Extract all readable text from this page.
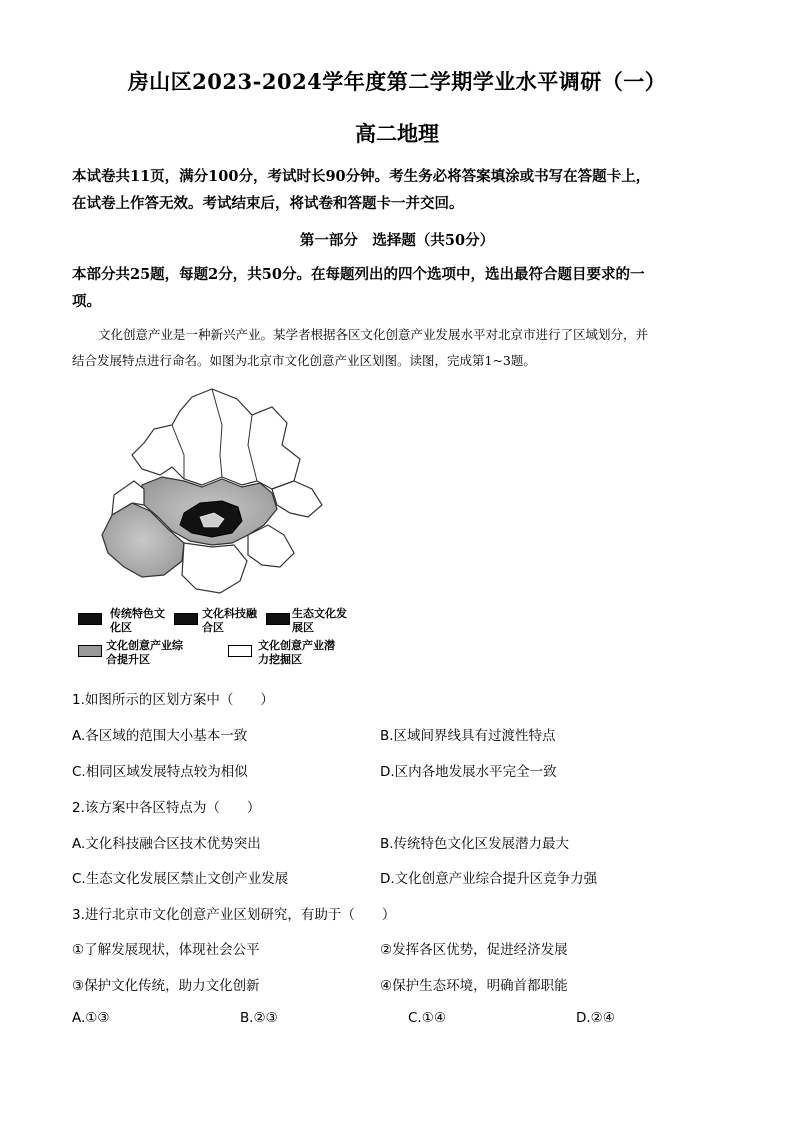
房山区2023-2024学年度第二学期学业水平调研（一）
高二地理
本试卷共11页，满分100分，考试时长90分钟。考生务必将答案填涂或书写在答题卡上，
在试卷上作答无效。考试结束后，将试卷和答题卡一并交回。
第一部分　选择题（共50分）
本部分共25题，每题2分，共50分。在每题列出的四个选项中，选出最符合题目要求的一
项。
文化创意产业是一种新兴产业。某学者根据各区文化创意产业发展水平对北京市进行了区域划分，并
结合发展特点进行命名。如图为北京市文化创意产业区划图。读图，完成第1~3题。
传统特色文化区
文化科技融合区
生态文化发展区
文化创意产业综合提升区
文化创意产业潜力挖掘区
1.如图所示的区划方案中（　　）
A.各区域的范围大小基本一致	B.区域间界线具有过渡性特点
C.相同区域发展特点较为相似	D.区内各地发展水平完全一致
2.该方案中各区特点为（　　）
A.文化科技融合区技术优势突出	B.传统特色文化区发展潜力最大
C.生态文化发展区禁止文创产业发展	D.文化创意产业综合提升区竞争力强
3.进行北京市文化创意产业区划研究，有助于（　　）
①了解发展现状，体现社会公平	②发挥各区优势，促进经济发展
③保护文化传统，助力文化创新	④保护生态环境，明确首都职能
A.①③	B.②③	C.①④	D.②④
